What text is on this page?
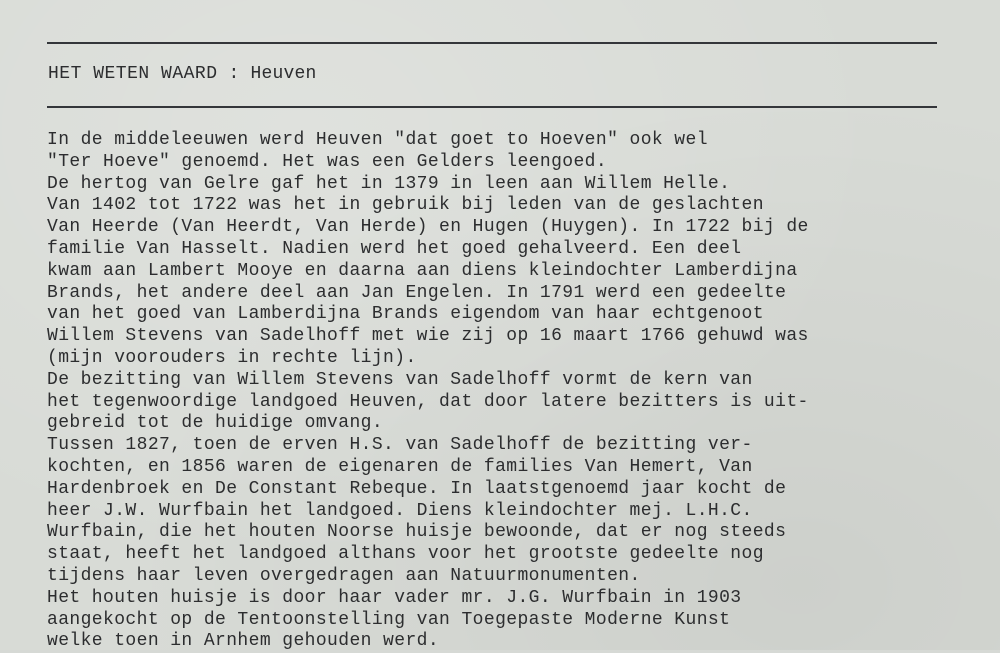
HET WETEN WAARD : Heuven
In de middeleeuwen werd Heuven "dat goet to Hoeven" ook wel
"Ter Hoeve" genoemd. Het was een Gelders leengoed.
De hertog van Gelre gaf het in 1379 in leen aan Willem Helle.
Van 1402 tot 1722 was het in gebruik bij leden van de geslachten
Van Heerde (Van Heerdt, Van Herde) en Hugen (Huygen). In 1722 bij de
familie Van Hasselt. Nadien werd het goed gehalveerd. Een deel
kwam aan Lambert Mooye en daarna aan diens kleindochter Lamberdijna
Brands, het andere deel aan Jan Engelen. In 1791 werd een gedeelte
van het goed van Lamberdijna Brands eigendom van haar echtgenoot
Willem Stevens van Sadelhoff met wie zij op 16 maart 1766 gehuwd was
(mijn voorouders in rechte lijn).
De bezitting van Willem Stevens van Sadelhoff vormt de kern van
het tegenwoordige landgoed Heuven, dat door latere bezitters is uit-
gebreid tot de huidige omvang.
Tussen 1827, toen de erven H.S. van Sadelhoff de bezitting ver-
kochten, en 1856 waren de eigenaren de families Van Hemert, Van
Hardenbroek en De Constant Rebeque. In laatstgenoemd jaar kocht de
heer J.W. Wurfbain het landgoed. Diens kleindochter mej. L.H.C.
Wurfbain, die het houten Noorse huisje bewoonde, dat er nog steeds
staat, heeft het landgoed althans voor het grootste gedeelte nog
tijdens haar leven overgedragen aan Natuurmonumenten.
Het houten huisje is door haar vader mr. J.G. Wurfbain in 1903
aangekocht op de Tentoonstelling van Toegepaste Moderne Kunst
welke toen in Arnhem gehouden werd.
